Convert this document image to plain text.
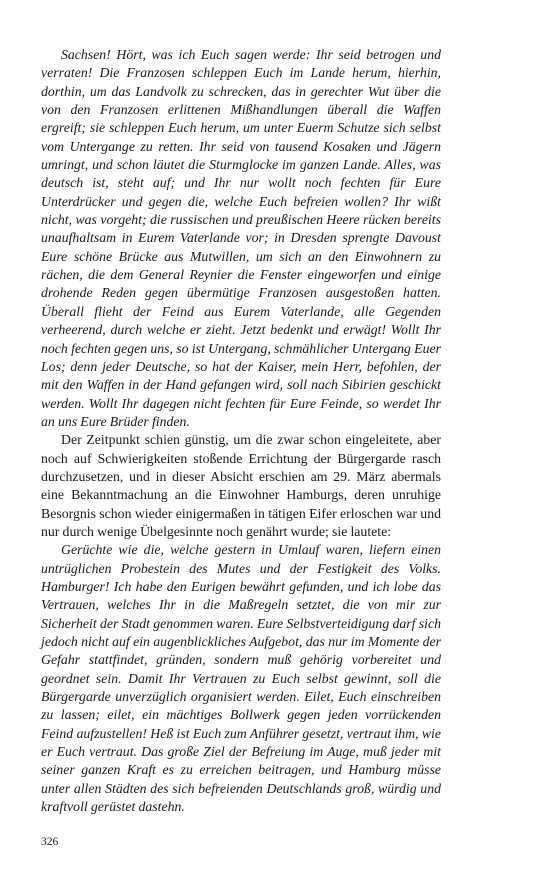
Sachsen! Hört, was ich Euch sagen werde: Ihr seid betrogen und verraten! Die Franzosen schleppen Euch im Lande herum, hierhin, dorthin, um das Landvolk zu schrecken, das in gerechter Wut über die von den Franzosen erlittenen Mißhandlungen überall die Waffen ergreift; sie schleppen Euch herum, um unter Euerm Schutze sich selbst vom Untergange zu retten. Ihr seid von tausend Kosaken und Jägern umringt, und schon läutet die Sturmglocke im ganzen Lande. Alles, was deutsch ist, steht auf; und Ihr nur wollt noch fechten für Eure Unterdrücker und gegen die, welche Euch befreien wollen? Ihr wißt nicht, was vorgeht; die russischen und preußischen Heere rücken bereits unaufhaltsam in Eurem Vaterlande vor; in Dresden sprengte Davoust Eure schöne Brücke aus Mutwillen, um sich an den Einwohnern zu rächen, die dem General Reynier die Fenster eingeworfen und einige drohende Reden gegen übermütige Franzosen ausgestoßen hatten. Überall flieht der Feind aus Eurem Vaterlande, alle Gegenden verheerend, durch welche er zieht. Jetzt bedenkt und erwägt! Wollt Ihr noch fechten gegen uns, so ist Untergang, schmählicher Untergang Euer Los; denn jeder Deutsche, so hat der Kaiser, mein Herr, befohlen, der mit den Waffen in der Hand gefangen wird, soll nach Sibirien geschickt werden. Wollt Ihr dagegen nicht fechten für Eure Feinde, so werdet Ihr an uns Eure Brüder finden.

Der Zeitpunkt schien günstig, um die zwar schon eingeleitete, aber noch auf Schwierigkeiten stoßende Errichtung der Bürgergarde rasch durchzusetzen, und in dieser Absicht erschien am 29. März abermals eine Bekanntmachung an die Einwohner Hamburgs, deren unruhige Besorgnis schon wieder einigermaßen in tätigen Eifer erloschen war und nur durch wenige Übelgesinnte noch genährt wurde; sie lautete:

Gerüchte wie die, welche gestern in Umlauf waren, liefern einen untrüglichen Probestein des Mutes und der Festigkeit des Volks. Hamburger! Ich habe den Eurigen bewährt gefunden, und ich lobe das Vertrauen, welches Ihr in die Maßregeln setztet, die von mir zur Sicherheit der Stadt genommen waren. Eure Selbstverteidigung darf sich jedoch nicht auf ein augenblickliches Aufgebot, das nur im Momente der Gefahr stattfindet, gründen, sondern muß gehörig vorbereitet und geordnet sein. Damit Ihr Vertrauen zu Euch selbst gewinnt, soll die Bürgergarde unverzüglich organisiert werden. Eilet, Euch einschreiben zu lassen; eilet, ein mächtiges Bollwerk gegen jeden vorrückenden Feind aufzustellen! Heß ist Euch zum Anführer gesetzt, vertraut ihm, wie er Euch vertraut. Das große Ziel der Befreiung im Auge, muß jeder mit seiner ganzen Kraft es zu erreichen beitragen, und Hamburg müsse unter allen Städten des sich befreienden Deutschlands groß, würdig und kraftvoll gerüstet dastehn.

326
